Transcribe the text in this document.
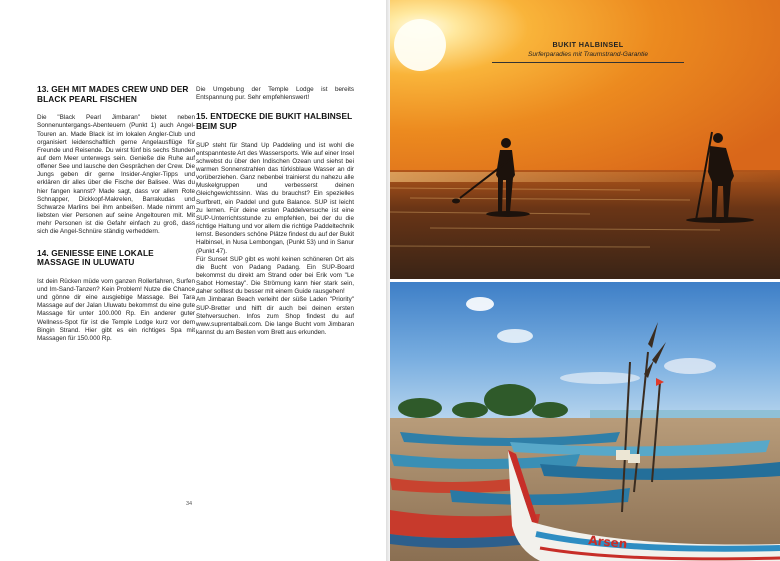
13. GEH MIT MADES CREW UND DER BLACK PEARL FISCHEN

Die "Black Pearl Jimbaran" bietet neben Sonnenuntergangs-Abenteuern (Punkt 1) auch Angel-Touren an. Made Black ist im lokalen Angler-Club und organisiert leidenschaftlich gerne Angelausflüge für Freunde und Reisende. Du wirst fünf bis sechs Stunden auf dem Meer unterwegs sein. Genieße die Ruhe auf offener See und lausche den Gesprächen der Crew. Die Jungs geben dir gerne Insider-Angler-Tipps und erklären dir alles über die Fische der Balisee. Was du hier fangen kannst? Made sagt, dass vor allem Rote Schnapper, Dickkopf-Makrelen, Barrakudas und Schwarze Marlins bei ihm anbeißen. Made nimmt am liebsten vier Personen auf seine Angeltouren mit. Mit mehr Personen ist die Gefahr einfach zu groß, dass sich die Angel-Schnüre ständig verheddern.

14. GENIESSE EINE LOKALE MASSAGE IN ULUWATU

Ist dein Rücken müde vom ganzen Rollerfahren, Surfen und Im-Sand-Tanzen? Kein Problem! Nutze die Chance und gönne dir eine ausgiebige Massage. Bei Tara Massage auf der Jalan Uluwatu bekommst du eine gute Massage für unter 100.000 Rp. Ein anderer guter Wellness-Spot für ist die Temple Lodge kurz vor dem Bingin Strand. Hier gibt es ein richtiges Spa mit Massagen für 150.000 Rp.

Die Umgebung der Temple Lodge ist bereits Entspannung pur. Sehr empfehlenswert!

15. ENTDECKE DIE BUKIT HALBINSEL BEIM SUP

SUP steht für Stand Up Paddeling und ist wohl die entspannteste Art des Wassersports. Wie auf einer Insel schwebst du über den Indischen Ozean und siehst bei warmen Sonnenstrahlen das türkisblaue Wasser an dir vorüberziehen. Ganz nebenbei trainierst du nahezu alle Muskelgruppen und verbesserst deinen Gleichgewichtssinn. Was du brauchst? Ein spezielles Surfbrett, ein Paddel und gute Balance. SUP ist leicht zu lernen. Für deine ersten Paddelversuche ist eine SUP-Unterrichtsstunde zu empfehlen, bei der du die richtige Haltung und vor allem die richtige Paddeltechnik lernst. Besonders schöne Plätze findest du auf der Bukit Halbinsel, in Nusa Lembongan, (Punkt 53) und in Sanur (Punkt 47).

Für Sunset SUP gibt es wohl keinen schöneren Ort als die Bucht von Padang Padang. Ein SUP-Board bekommst du direkt am Strand oder bei Erik vom "Le Sabot Homestay". Die Strömung kann hier stark sein, daher solltest du besser mit einem Guide rausgehen!

Am Jimbaran Beach verleiht der süße Laden "Priority" SUP-Bretter und hilft dir auch bei deinen ersten Stehversuchen. Infos zum Shop findest du auf www.suprentalbali.com. Die lange Bucht vom Jimbaran kannst du am Besten vom Brett aus erkunden.

34
BUKIT HALBINSEL
Surferparadies mit Traumstrand-Garantie
Arsen
